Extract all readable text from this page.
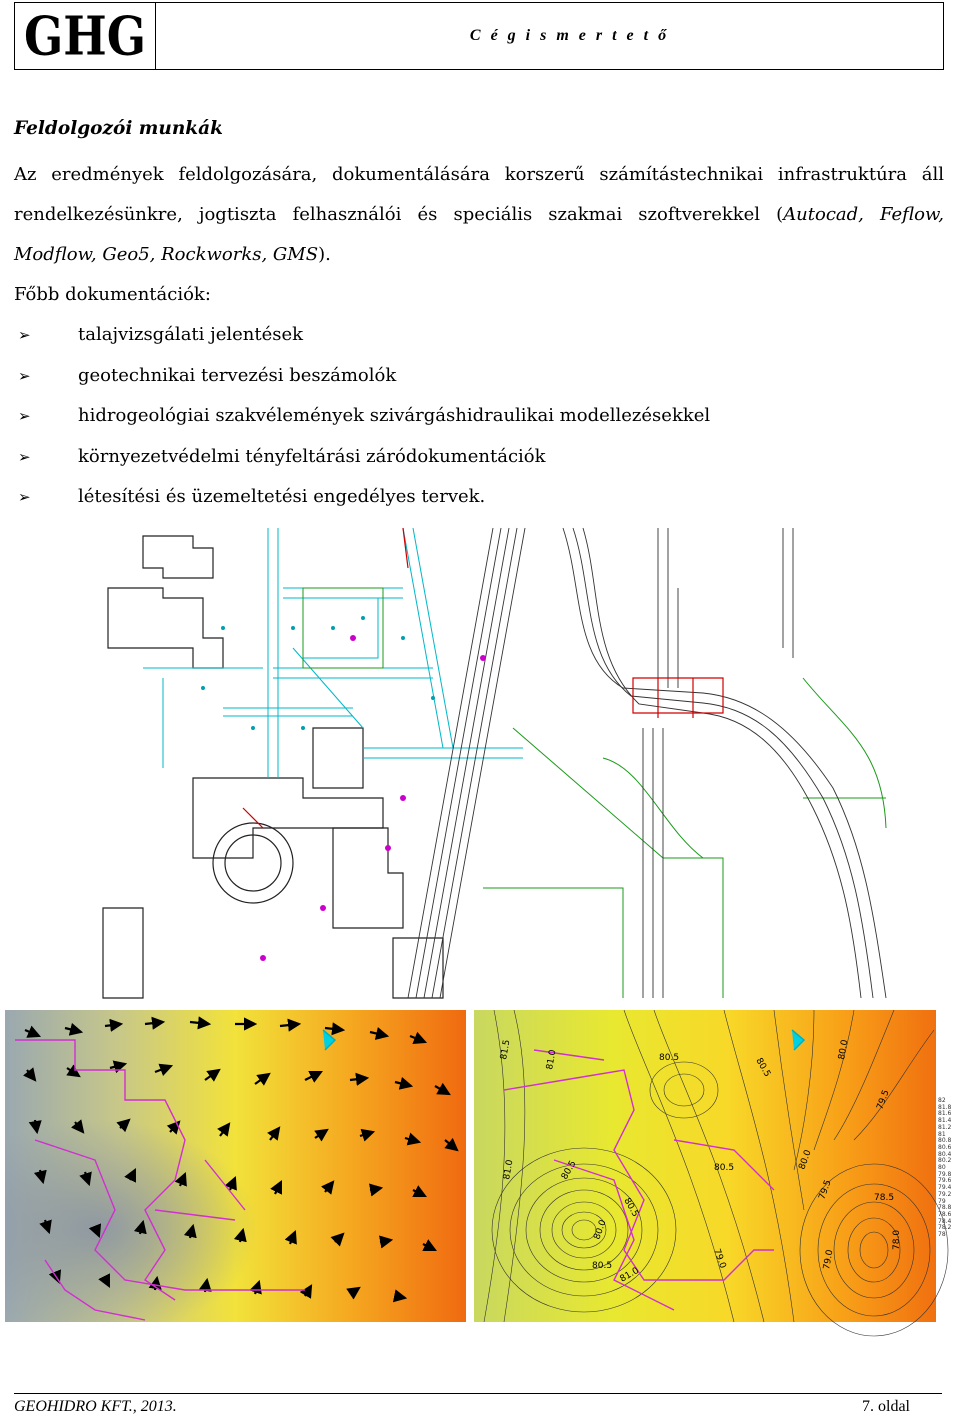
GHG	C é g i s m e r t e t ő
Feldolgozói munkák

Az eredmények feldolgozására, dokumentálására korszerű számítástechnikai infrastruktúra áll rendelkezésünkre, jogtiszta felhasználói és speciális szakmai szoftverekkel (Autocad, Feflow, Modflow, Geo5, Rockworks, GMS).

Főbb dokumentációk:

➢	talajvizsgálati jelentések
➢	geotechnikai tervezési beszámolók
➢	hidrogeológiai szakvélemények szivárgáshidraulikai modellezésekkel
➢	környezetvédelmi tényfeltárási záródokumentációk
➢	létesítési és üzemeltetési engedélyes tervek.
81.5	81.0	80.5	80.5
80.0
79.5
81.0	80.5	80.5	80.0
79.5
79.0
78.5
78.0
80.5
80.0
79.0
80.5 81.0
82
81.8
81.6
81.4
81.2
81
80.8
80.6
80.4
80.2
80
79.8
79.6
79.4
79.2
79
78.8
78.6
78.4
78.2
78
GEOHIDRO KFT., 2013.	7. oldal
